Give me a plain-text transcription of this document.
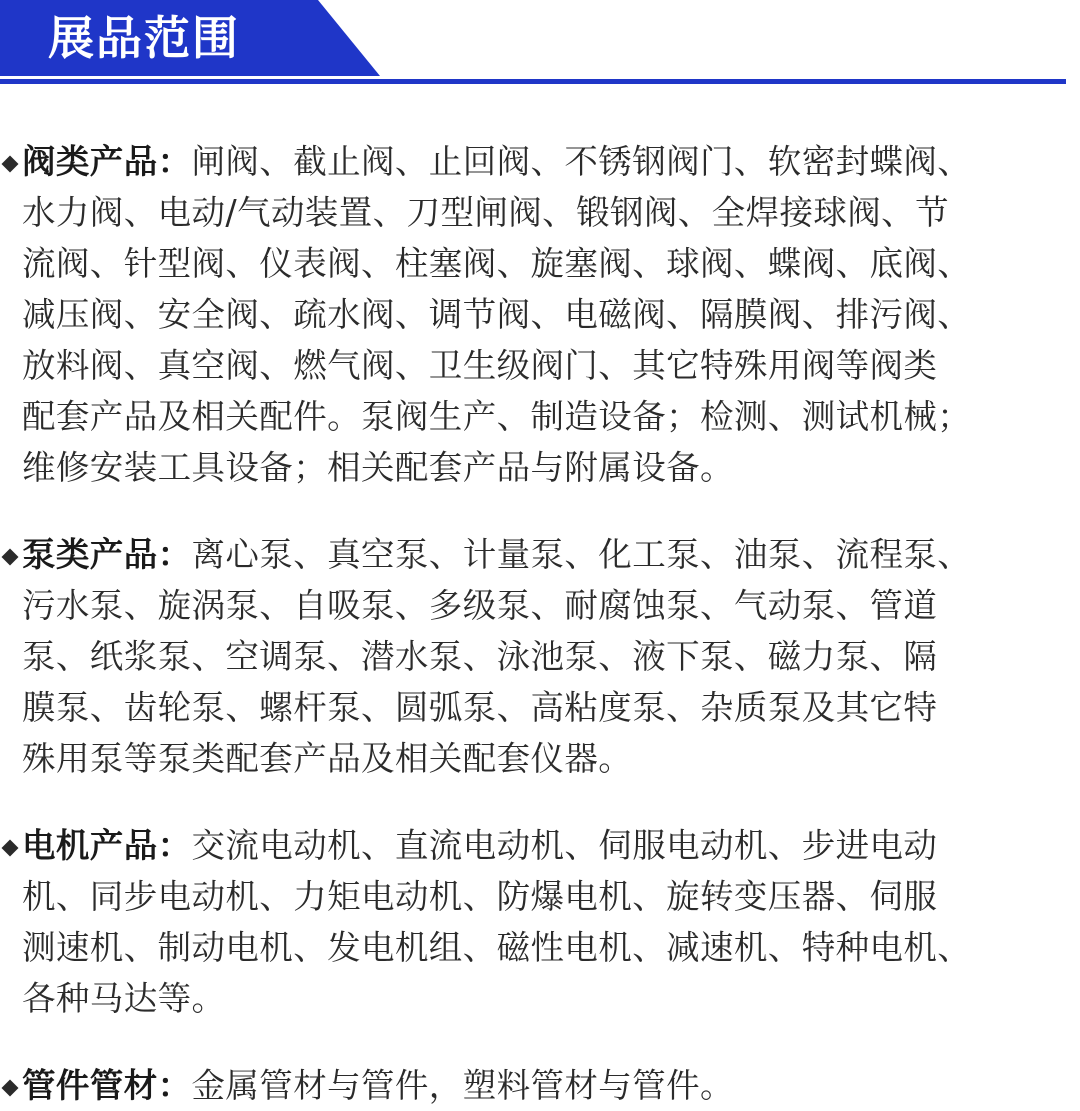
展品范围
阀类产品：闸阀、截止阀、止回阀、不锈钢阀门、软密封蝶阀、
水力阀、电动/气动装置、刀型闸阀、锻钢阀、全焊接球阀、节
流阀、针型阀、仪表阀、柱塞阀、旋塞阀、球阀、蝶阀、底阀、
减压阀、安全阀、疏水阀、调节阀、电磁阀、隔膜阀、排污阀、
放料阀、真空阀、燃气阀、卫生级阀门、其它特殊用阀等阀类
配套产品及相关配件。泵阀生产、制造设备；检测、测试机械；
维修安装工具设备；相关配套产品与附属设备。
泵类产品：离心泵、真空泵、计量泵、化工泵、油泵、流程泵、
污水泵、旋涡泵、自吸泵、多级泵、耐腐蚀泵、气动泵、管道
泵、纸浆泵、空调泵、潜水泵、泳池泵、液下泵、磁力泵、隔
膜泵、齿轮泵、螺杆泵、圆弧泵、高粘度泵、杂质泵及其它特
殊用泵等泵类配套产品及相关配套仪器。
电机产品：交流电动机、直流电动机、伺服电动机、步进电动
机、同步电动机、力矩电动机、防爆电机、旋转变压器、伺服
测速机、制动电机、发电机组、磁性电机、减速机、特种电机、
各种马达等。
管件管材：金属管材与管件，塑料管材与管件。
